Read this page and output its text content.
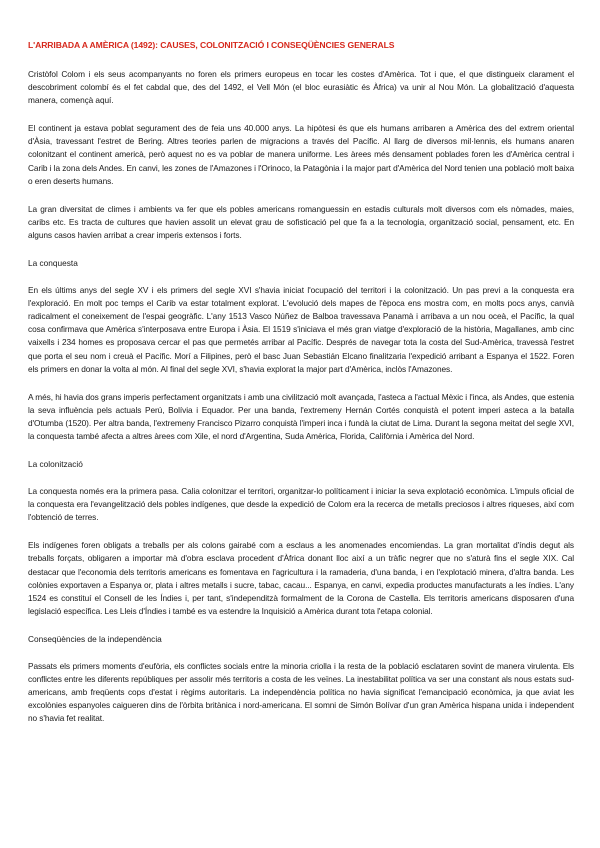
L'ARRIBADA A AMÈRICA (1492): CAUSES, COLONITZACIÓ I CONSEQÜÈNCIES GENERALS

Cristòfol Colom i els seus acompanyants no foren els primers europeus en tocar les costes d'Amèrica. Tot i que, el que distingueix clarament el descobriment colombí és el fet cabdal que, des del 1492, el Vell Món (el bloc eurasiàtic és Àfrica) va unir al Nou Món. La globalització d'aquesta manera, començà aquí.

El continent ja estava poblat segurament des de feia uns 40.000 anys. La hipòtesi és que els humans arribaren a Amèrica des del extrem oriental d'Àsia, travessant l'estret de Bering. Altres teories parlen de migracions a través del Pacífic. Al llarg de diversos mil·lennis, els humans anaren colonitzant el continent americà, però aquest no es va poblar de manera uniforme. Les àrees més densament poblades foren les d'Amèrica central i Carib i la zona dels Andes. En canvi, les zones de l'Amazones i l'Orinoco, la Patagònia i la major part d'Amèrica del Nord tenien una població molt baixa o eren deserts humans.

La gran diversitat de climes i ambients va fer que els pobles americans romanguessin en estadis culturals molt diversos com els nòmades, maies, caribs etc. Es tracta de cultures que havien assolit un elevat grau de sofisticació pel que fa a la tecnologia, organització social, pensament, etc. En alguns casos havien arribat a crear imperis extensos i forts.

La conquesta

En els últims anys del segle XV i els primers del segle XVI s'havia iniciat l'ocupació del territori i la colonització. Un pas previ a la conquesta era l'exploració. En molt poc temps el Carib va estar totalment explorat. L'evolució dels mapes de l'època ens mostra com, en molts pocs anys, canvià radicalment el coneixement de l'espai geogràfic. L'any 1513 Vasco Núñez de Balboa travessava Panamà i arribava a un nou oceà, el Pacífic, la qual cosa confirmava que Amèrica s'interposava entre Europa i Àsia. El 1519 s'iniciava el més gran viatge d'exploració de la història, Magallanes, amb cinc vaixells i 234 homes es proposava cercar el pas que permetés arribar al Pacífic. Després de navegar tota la costa del Sud-Amèrica, travessà l'estret que porta el seu nom i creuà el Pacífic. Morí a Filipines, però el basc Juan Sebastián Elcano finalitzaria l'expedició arribant a Espanya el 1522. Foren els primers en donar la volta al món. Al final del segle XVI, s'havia explorat la major part d'Amèrica, inclòs l'Amazones.

A més, hi havia dos grans imperis perfectament organitzats i amb una civilització molt avançada, l'asteca a l'actual Mèxic i l'inca, als Andes, que estenia la seva influència pels actuals Perú, Bolívia i Equador. Per una banda, l'extremeny Hernán Cortés conquistà el potent imperi asteca a la batalla d'Otumba (1520). Per altra banda, l'extremeny Francisco Pizarro conquistà l'imperi inca i fundà la ciutat de Lima. Durant la segona meitat del segle XVI, la conquesta també afecta a altres àrees com Xile, el nord d'Argentina, Suda Amèrica, Florida, Califòrnia i Amèrica del Nord.

La colonització

La conquesta només era la primera pasa. Calia colonitzar el territori, organitzar-lo políticament i iniciar la seva explotació econòmica. L'impuls oficial de la conquesta era l'evangelització dels pobles indígenes, que desde la expedició de Colom era la recerca de metalls preciosos i altres riqueses, així com l'obtenció de terres.

Els indígenes foren obligats a treballs per als colons gairabé com a esclaus a les anomenades encomiendas. La gran mortalitat d'índis degut als treballs forçats, obligaren a importar mà d'obra esclava procedent d'Àfrica donant lloc així a un tràfic negrer que no s'aturà fins el segle XIX. Cal destacar que l'economia dels territoris americans es fomentava en l'agricultura i la ramaderia, d'una banda, i en l'explotació minera, d'altra banda. Les colònies exportaven a Espanya or, plata i altres metalls i sucre, tabac, cacau... Espanya, en canvi, expedia productes manufacturats a les índies. L'any 1524 es constituí el Consell de les Índies i, per tant, s'independitzà formalment de la Corona de Castella. Els territoris americans disposaren d'una legislació específica. Les Lleis d'Índies i també es va estendre la Inquisició a Amèrica durant tota l'etapa colonial.

Conseqüències de la independència

Passats els primers moments d'eufòria, els conflictes socials entre la minoria criolla i la resta de la població esclataren sovint de manera virulenta. Els conflictes entre les diferents repúbliques per assolir més territoris a costa de les veïnes. La inestabilitat política va ser una constant als nous estats sud-americans, amb freqüents cops d'estat i règims autoritaris. La independència política no havia significat l'emancipació econòmica, ja que aviat les excolònies espanyoles caigueren dins de l'òrbita britànica i nord-americana. El somni de Simón Bolívar d'un gran Amèrica hispana unida i independent no s'havia fet realitat.
